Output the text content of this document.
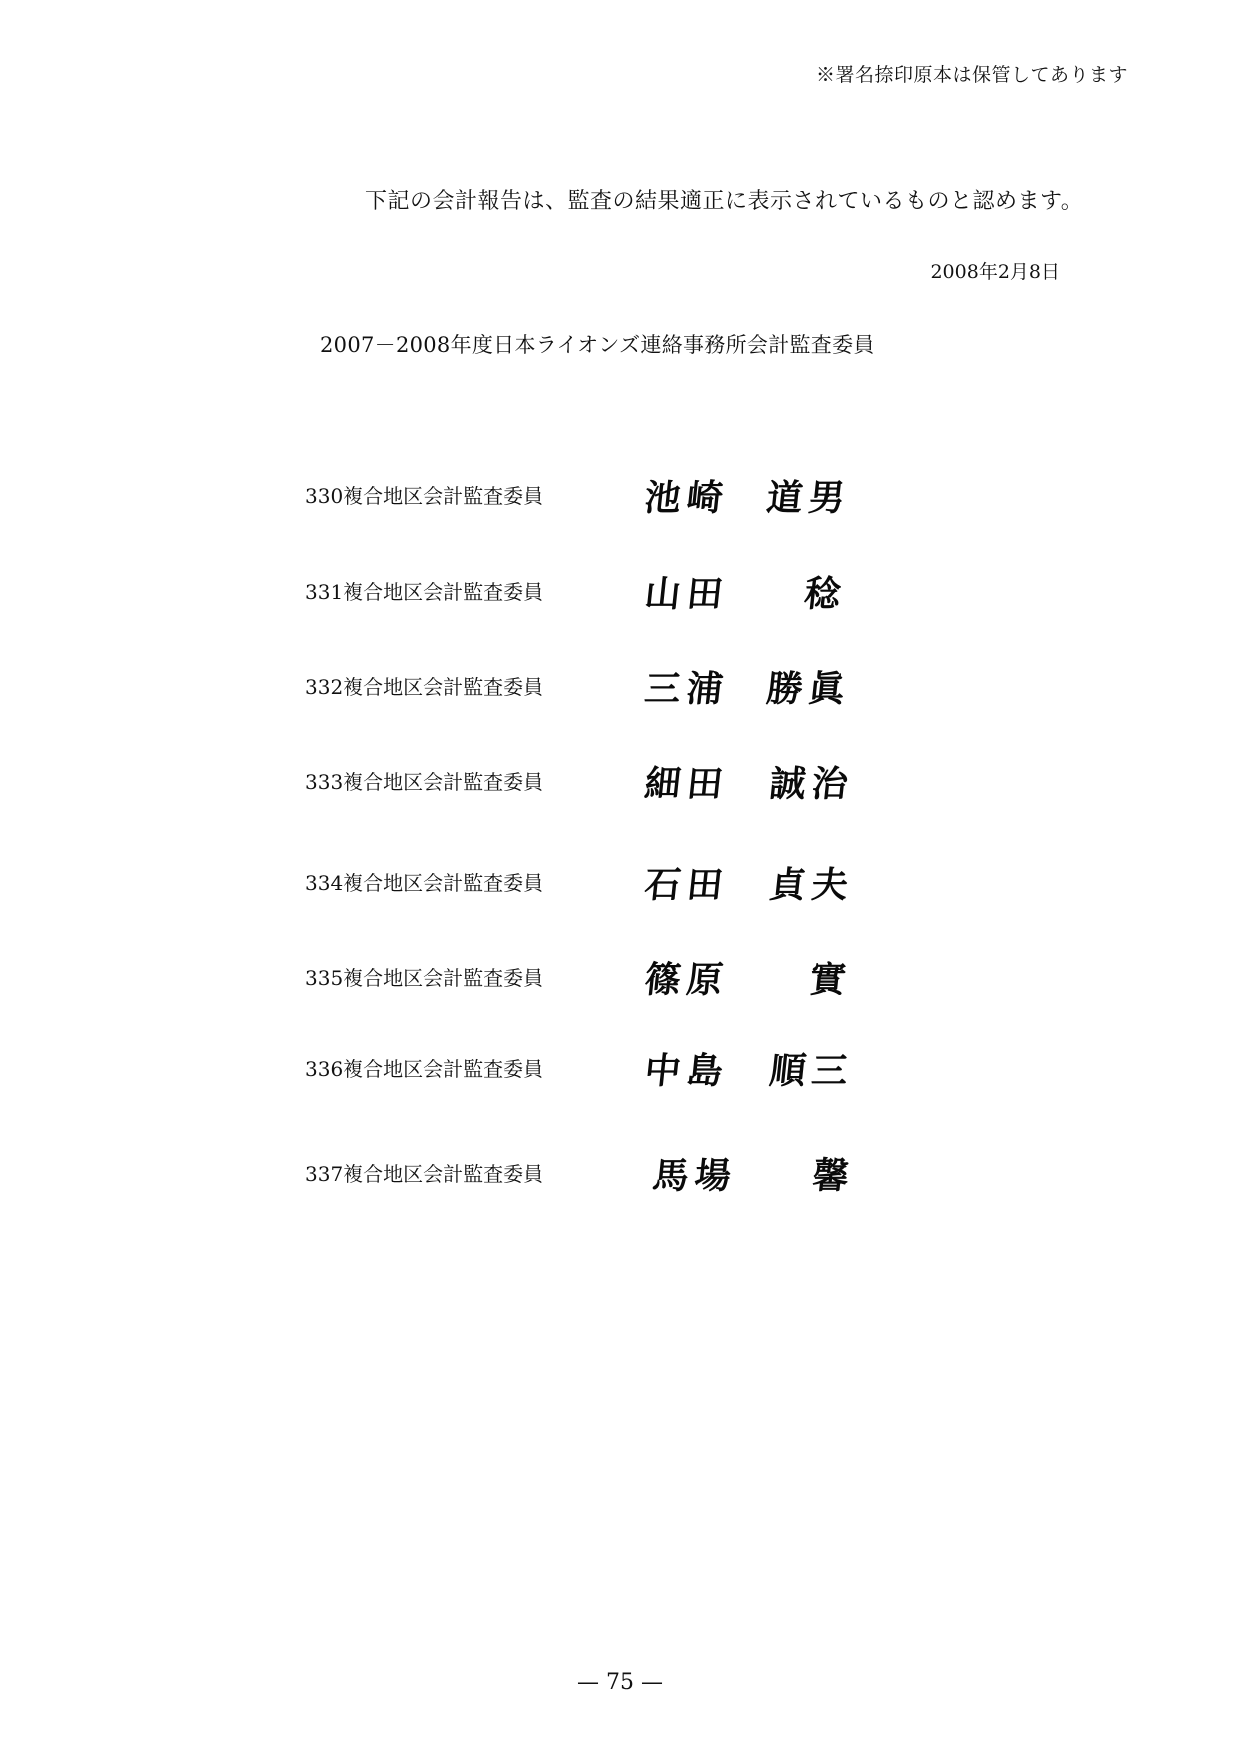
※署名捺印原本は保管してあります
下記の会計報告は、監査の結果適正に表示されているものと認めます。
2008年2月8日
2007－2008年度日本ライオンズ連絡事務所会計監査委員
330複合地区会計監査委員	池崎 道男
331複合地区会計監査委員	山田 稔
332複合地区会計監査委員	三浦 勝眞
333複合地区会計監査委員	細田 誠治
334複合地区会計監査委員	石田 貞夫
335複合地区会計監査委員	篠原 實
336複合地区会計監査委員	中島 順三
337複合地区会計監査委員	馬場 馨
— 75 —
